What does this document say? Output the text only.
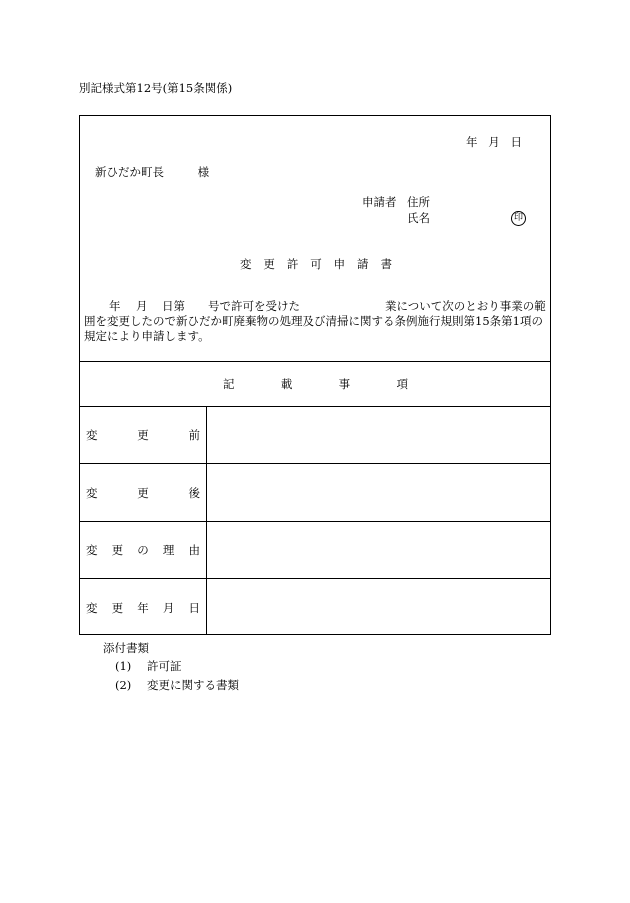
別記様式第12号(第15条関係)
年 月 日
新ひだか町長	様
申請者 住所
氏名	印
変 更 許 可 申 請 書
年 月 日第 号で許可を受けた	業について次のとおり事業の範
囲を変更したので新ひだか町廃棄物の処理及び清掃に関する条例施行規則第15条第1項の
規定により申請します。
記	載	事	項
変	更	前
変	更	後
変 更 の 理 由
変 更 年 月 日
添付書類
(1) 許可証
(2) 変更に関する書類
